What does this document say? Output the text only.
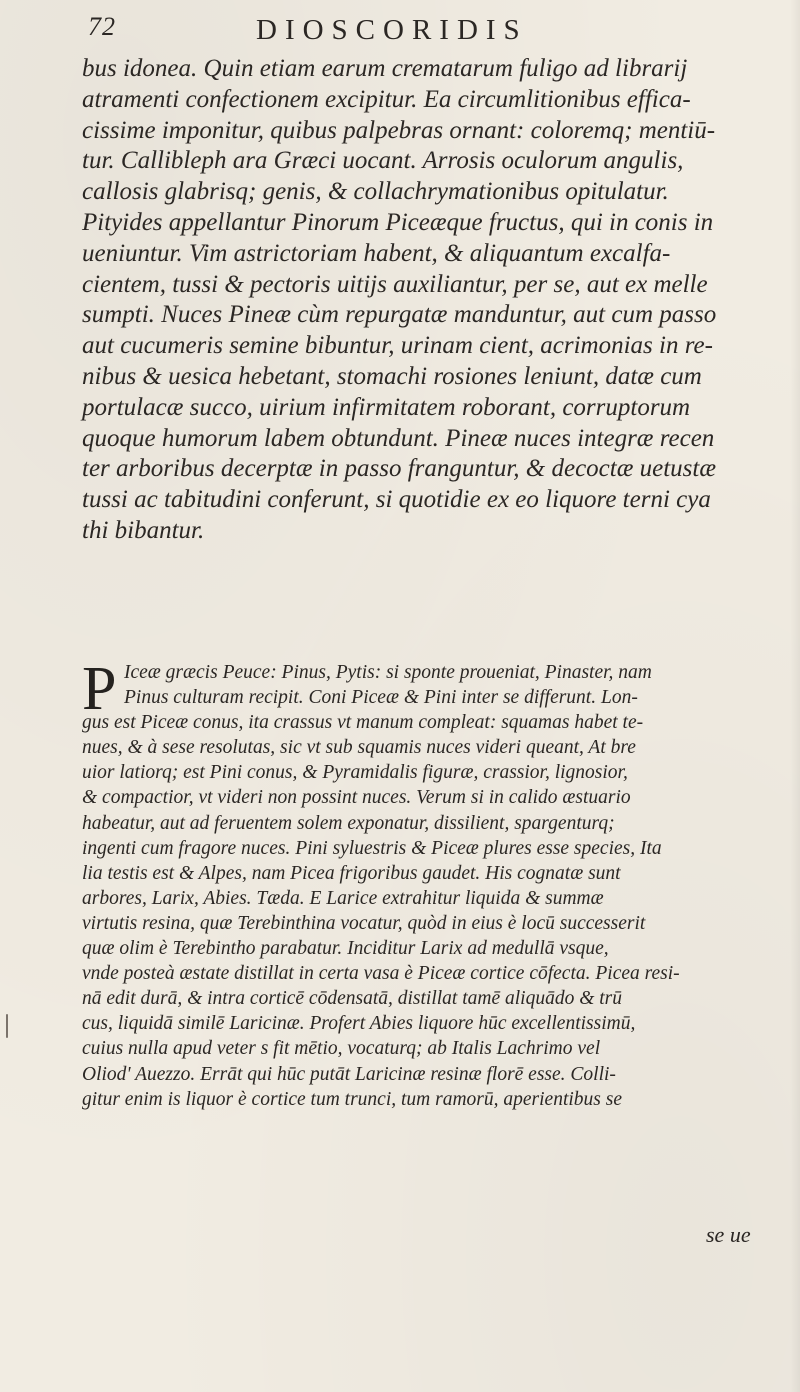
72	DIOSCORIDIS
bus idonea. Quin etiam earum crematarum fuligo ad librarij
atramenti confectionem excipitur. Ea circumlitionibus effica-
cissime imponitur, quibus palpebras ornant: coloremq; mentiū-
tur. Callibleph ara Græci uocant. Arrosis oculorum angulis,
callosis glabrisq; genis, & collachrymationibus opitulatur.
Pityides appellantur Pinorum Piceæque fructus, qui in conis in
ueniuntur. Vim astrictoriam habent, & aliquantum excalfa-
cientem, tussi & pectoris uitijs auxiliantur, per se, aut ex melle
sumpti. Nuces Pineæ cùm repurgatæ manduntur, aut cum passo
aut cucumeris semine bibuntur, urinam cient, acrimonias in re-
nibus & uesica hebetant, stomachi rosiones leniunt, datæ cum
portulacæ succo, uirium infirmitatem roborant, corruptorum
quoque humorum labem obtundunt. Pineæ nuces integræ recen
ter arboribus decerptæ in passo franguntur, & decoctæ uetustæ
tussi ac tabitudini conferunt, si quotidie ex eo liquore terni cya
thi bibantur.
P Iceæ græcis Peuce: Pinus, Pytis: si sponte proueniat, Pinaster, nam
Pinus culturam recipit. Coni Piceæ & Pini inter se differunt. Lon-
gus est Piceæ conus, ita crassus vt manum compleat: squamas habet te-
nues, & à sese resolutas, sic vt sub squamis nuces videri queant, At bre
uior latiorq; est Pini conus, & Pyramidalis figuræ, crassior, lignosior,
& compactior, vt videri non possint nuces. Verum si in calido æstuario
habeatur, aut ad feruentem solem exponatur, dissilient, spargenturq;
ingenti cum fragore nuces. Pini syluestris & Piceæ plures esse species, Ita
lia testis est & Alpes, nam Picea frigoribus gaudet. His cognatæ sunt
arbores, Larix, Abies. Tæda. E Larice extrahitur liquida & summæ
virtutis resina, quæ Terebinthina vocatur, quòd in eius è locū successerit
quæ olim è Terebintho parabatur. Inciditur Larix ad medullā vsque,
vnde posteà æstate distillat in certa vasa è Piceæ cortice cōfecta. Picea resi-
nā edit durā, & intra corticē cōdensatā, distillat tamē aliquādo & trū
cus, liquidā similē Laricinæ. Profert Abies liquore hūc excellentissimū,
cuius nulla apud veter s fit mētio, vocaturq; ab Italis Lachrimo vel
Oliod' Auezzo. Errāt qui hūc putāt Laricinæ resinæ florē esse. Colli-
gitur enim is liquor è cortice tum trunci, tum ramorū, aperientibus se
se ue
